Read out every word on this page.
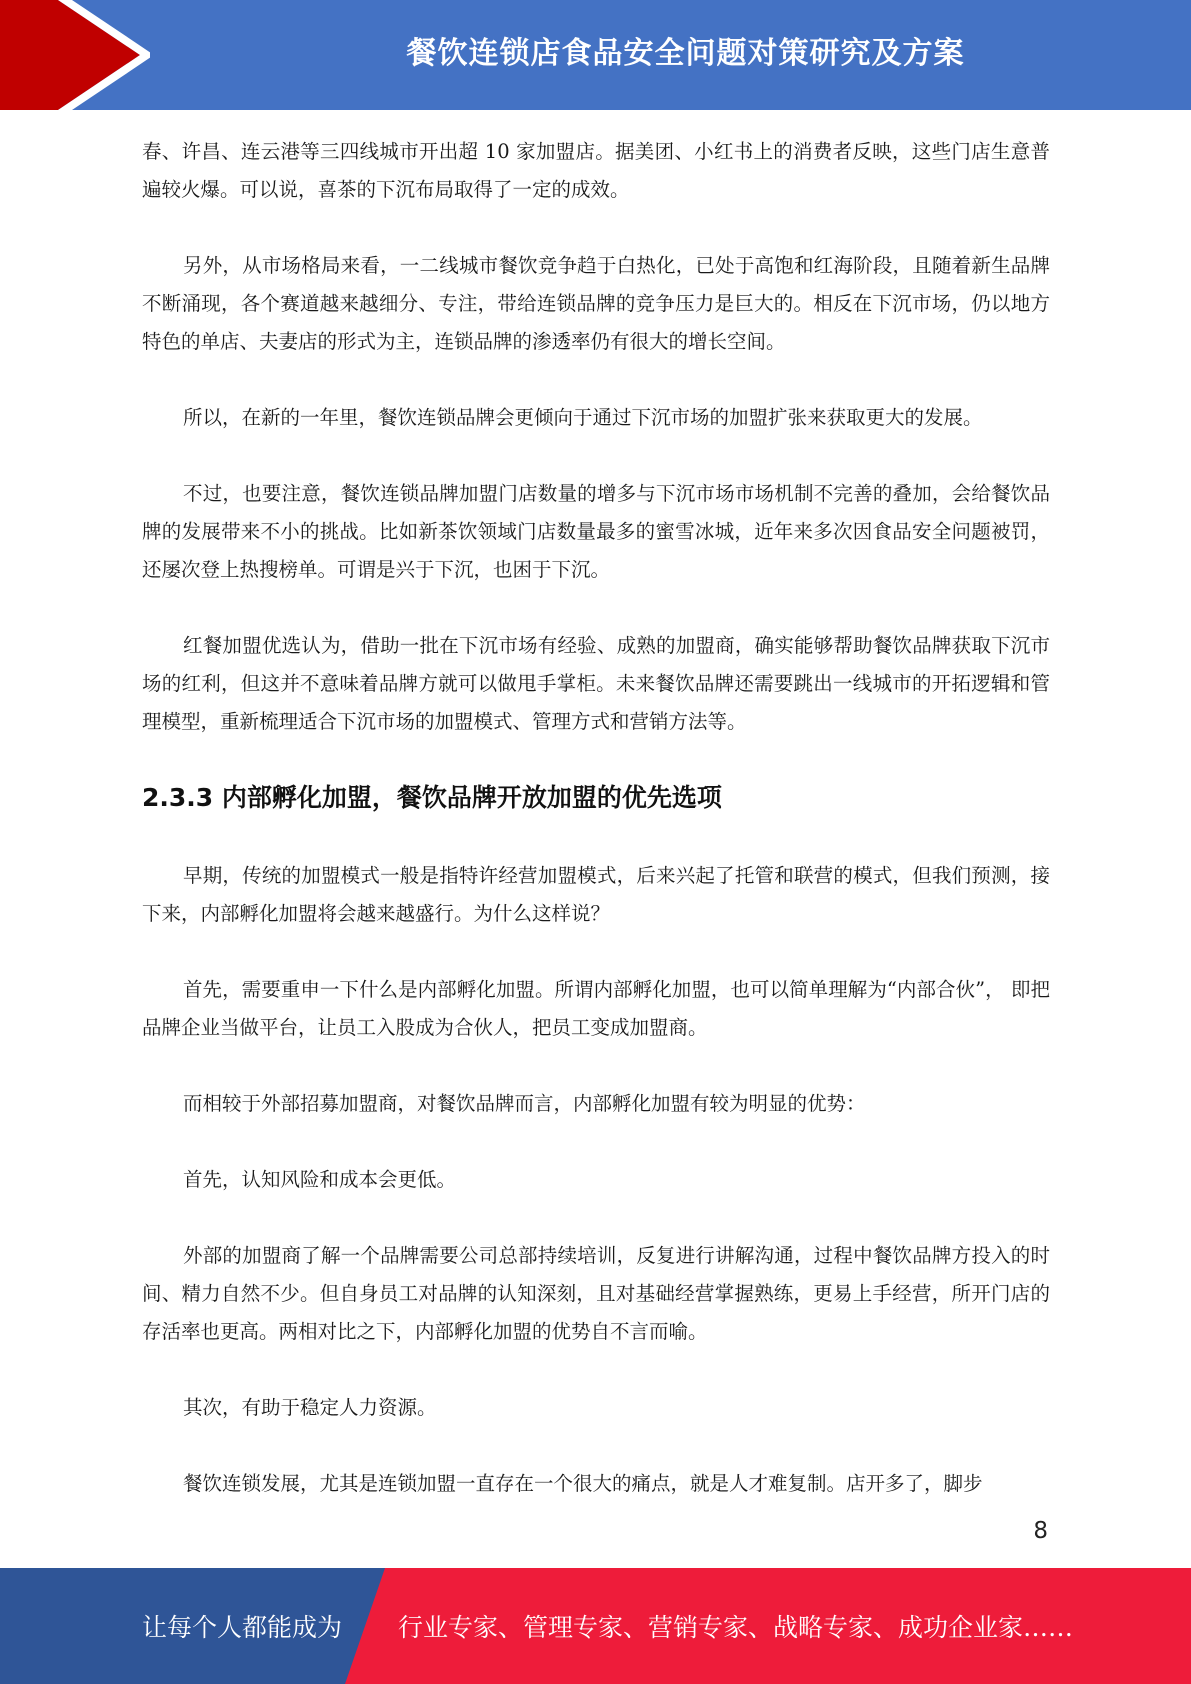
餐饮连锁店食品安全问题对策研究及方案

春、许昌、连云港等三四线城市开出超 10 家加盟店。据美团、小红书上的消费者反映，这些门店生意普遍较火爆。可以说，喜茶的下沉布局取得了一定的成效。

另外，从市场格局来看，一二线城市餐饮竞争趋于白热化，已处于高饱和红海阶段，且随着新生品牌不断涌现，各个赛道越来越细分、专注，带给连锁品牌的竞争压力是巨大的。相反在下沉市场，仍以地方特色的单店、夫妻店的形式为主，连锁品牌的渗透率仍有很大的增长空间。

所以，在新的一年里，餐饮连锁品牌会更倾向于通过下沉市场的加盟扩张来获取更大的发展。

不过，也要注意，餐饮连锁品牌加盟门店数量的增多与下沉市场市场机制不完善的叠加，会给餐饮品牌的发展带来不小的挑战。比如新茶饮领域门店数量最多的蜜雪冰城，近年来多次因食品安全问题被罚，还屡次登上热搜榜单。可谓是兴于下沉，也困于下沉。

红餐加盟优选认为，借助一批在下沉市场有经验、成熟的加盟商，确实能够帮助餐饮品牌获取下沉市场的红利，但这并不意味着品牌方就可以做甩手掌柜。未来餐饮品牌还需要跳出一线城市的开拓逻辑和管理模型，重新梳理适合下沉市场的加盟模式、管理方式和营销方法等。

2.3.3 内部孵化加盟，餐饮品牌开放加盟的优先选项

早期，传统的加盟模式一般是指特许经营加盟模式，后来兴起了托管和联营的模式，但我们预测，接下来，内部孵化加盟将会越来越盛行。为什么这样说？

首先，需要重申一下什么是内部孵化加盟。所谓内部孵化加盟，也可以简单理解为“内部合伙”， 即把品牌企业当做平台，让员工入股成为合伙人，把员工变成加盟商。

而相较于外部招募加盟商，对餐饮品牌而言，内部孵化加盟有较为明显的优势：

首先，认知风险和成本会更低。

外部的加盟商了解一个品牌需要公司总部持续培训，反复进行讲解沟通，过程中餐饮品牌方投入的时间、精力自然不少。但自身员工对品牌的认知深刻，且对基础经营掌握熟练，更易上手经营，所开门店的存活率也更高。两相对比之下，内部孵化加盟的优势自不言而喻。

其次，有助于稳定人力资源。

餐饮连锁发展，尤其是连锁加盟一直存在一个很大的痛点，就是人才难复制。店开多了，脚步

8
让每个人都能成为 行业专家、管理专家、营销专家、战略专家、成功企业家……
